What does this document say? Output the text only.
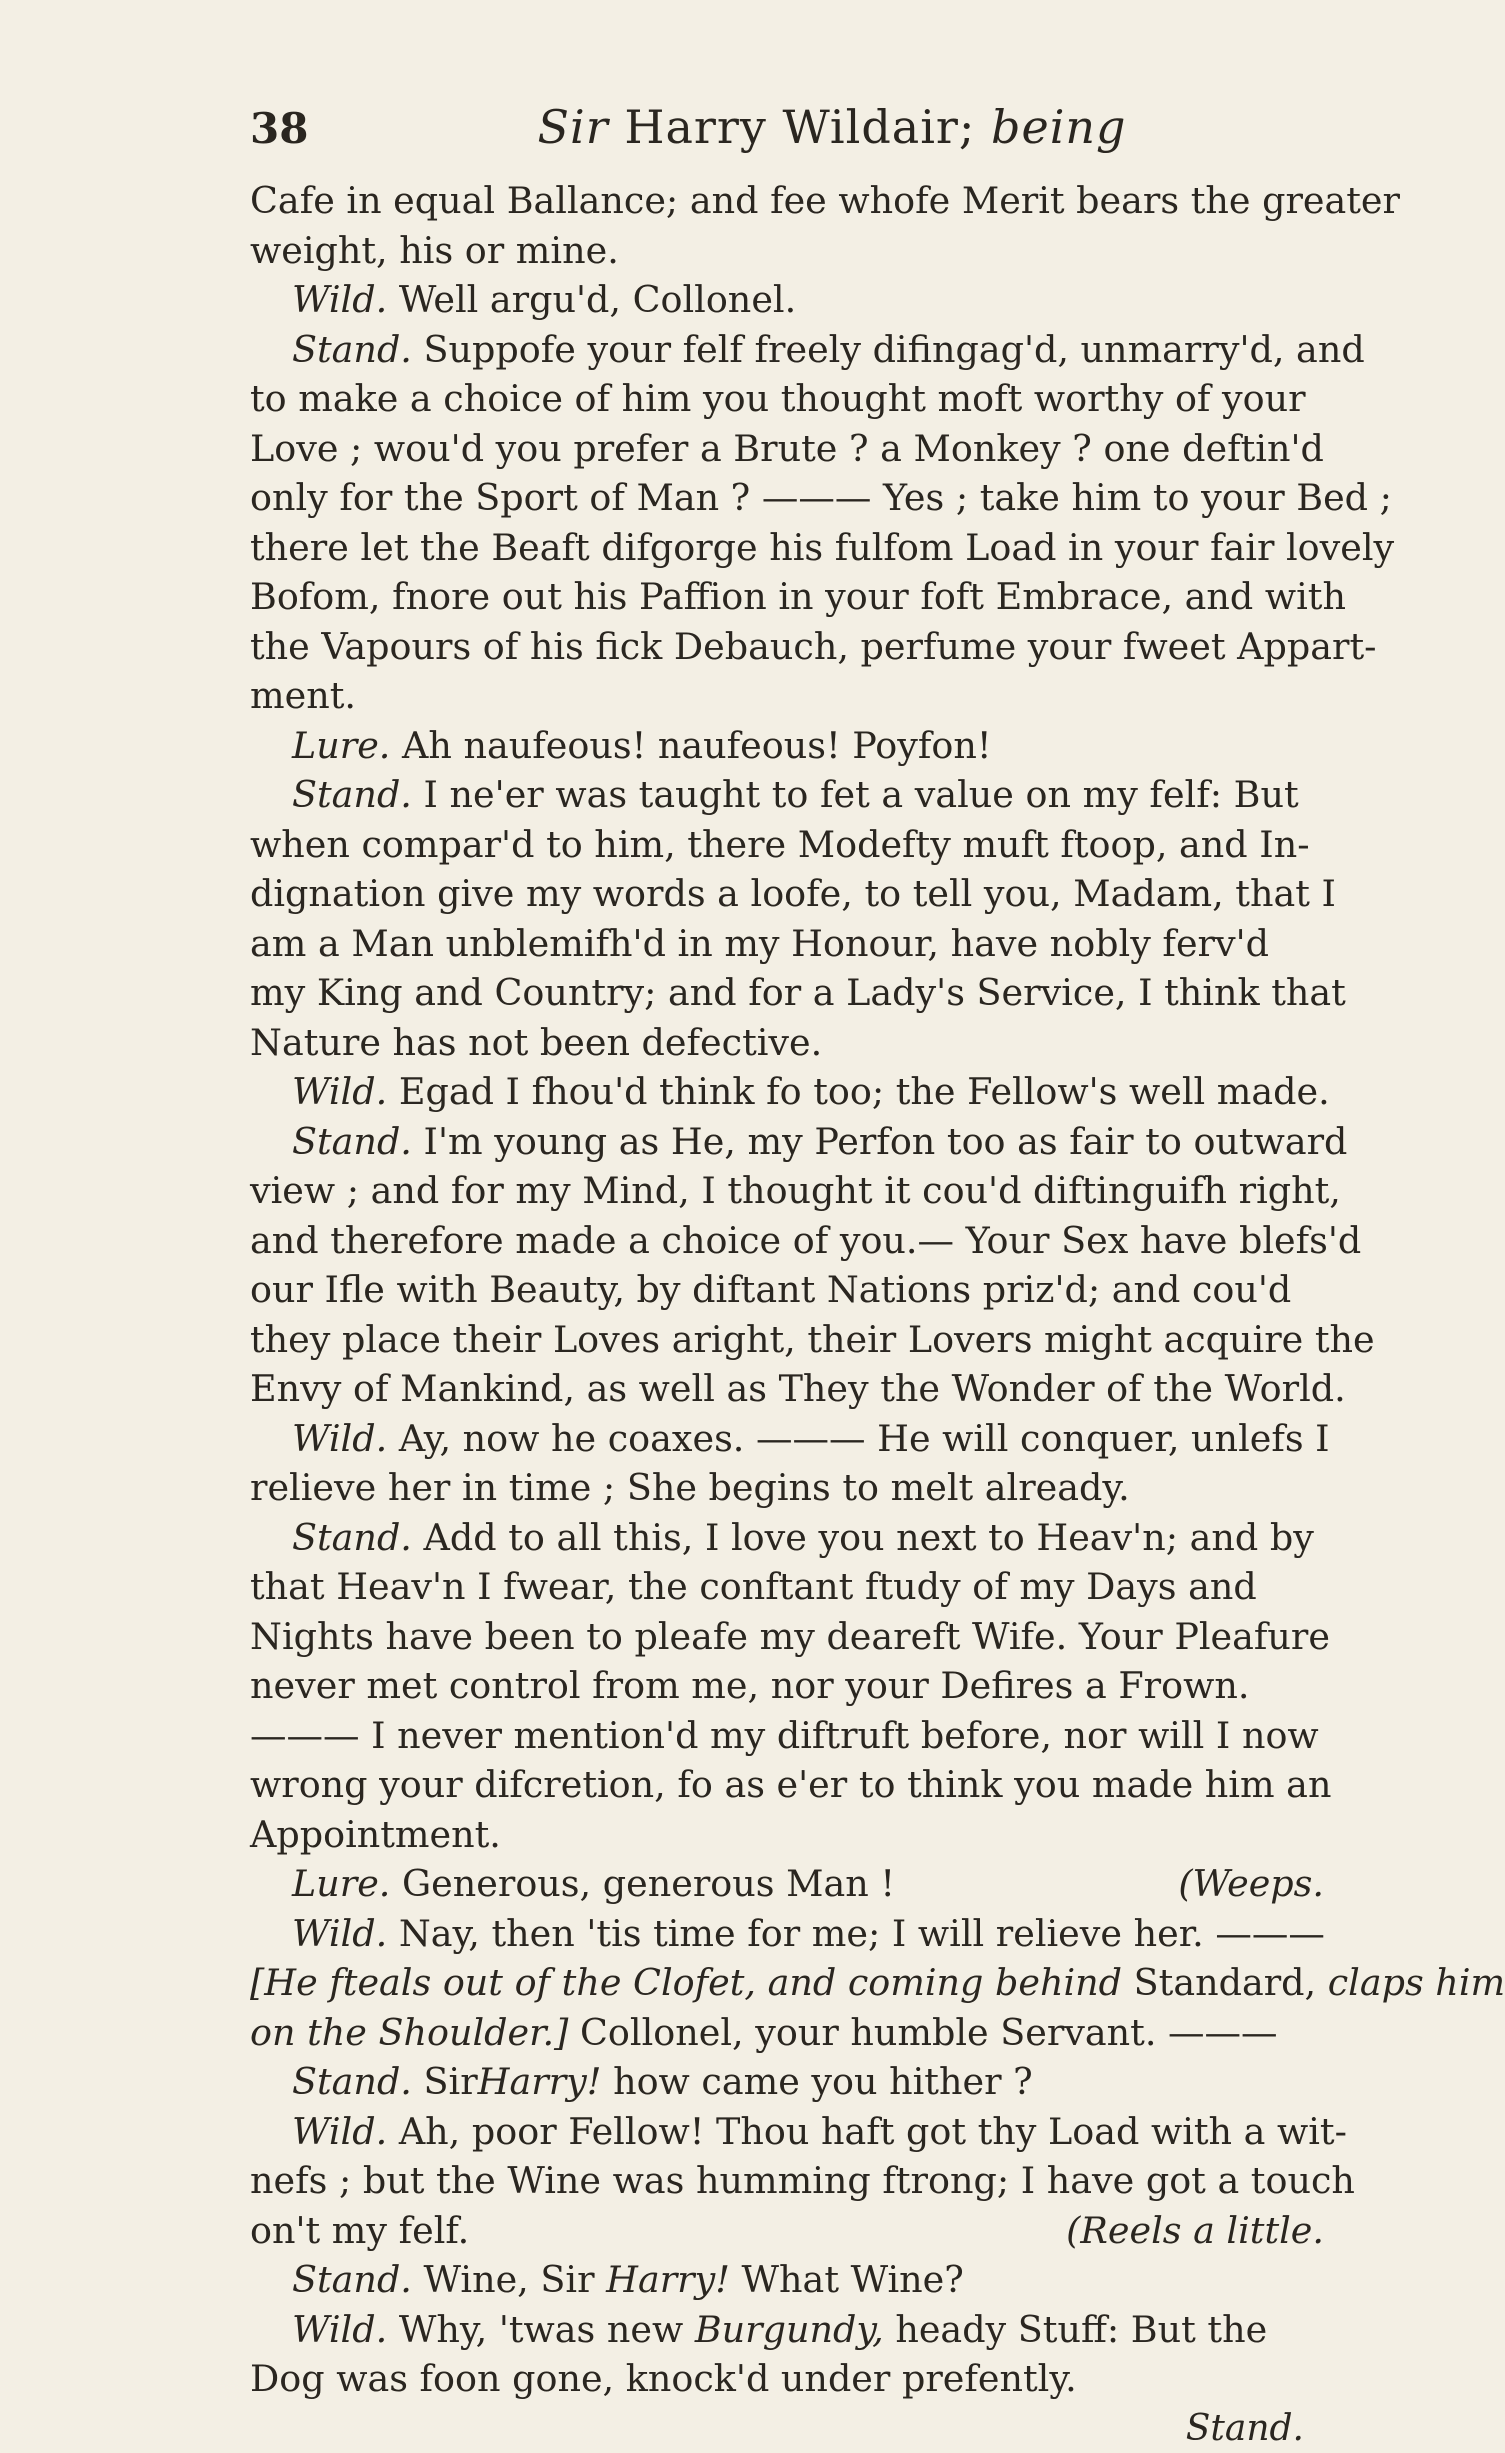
38	Sir Harry Wildair; being
Cafe in equal Ballance; and fee whofe Merit bears the greater
weight, his or mine.
Wild. Well argu'd, Collonel.
Stand. Suppofe your felf freely difingag'd, unmarry'd, and
to make a choice of him you thought moft worthy of your
Love ; wou'd you prefer a Brute ? a Monkey ? one deftin'd
only for the Sport of Man ? ——— Yes ; take him to your Bed ;
there let the Beaft difgorge his fulfom Load in your fair lovely
Bofom, fnore out his Paffion in your foft Embrace, and with
the Vapours of his fick Debauch, perfume your fweet Appart-
ment.
Lure. Ah naufeous! naufeous! Poyfon!
Stand. I ne'er was taught to fet a value on my felf: But
when compar'd to him, there Modefty muft ftoop, and In-
dignation give my words a loofe, to tell you, Madam, that I
am a Man unblemifh'd in my Honour, have nobly ferv'd
my King and Country; and for a Lady's Service, I think that
Nature has not been defective.
Wild. Egad I fhou'd think fo too; the Fellow's well made.
Stand. I'm young as He, my Perfon too as fair to outward
view ; and for my Mind, I thought it cou'd diftinguifh right,
and therefore made a choice of you.— Your Sex have blefs'd
our Ifle with Beauty, by diftant Nations priz'd; and cou'd
they place their Loves aright, their Lovers might acquire the
Envy of Mankind, as well as They the Wonder of the World.
Wild. Ay, now he coaxes. ——— He will conquer, unlefs I
relieve her in time ; She begins to melt already.
Stand. Add to all this, I love you next to Heav'n; and by
that Heav'n I fwear, the conftant ftudy of my Days and
Nights have been to pleafe my deareft Wife. Your Pleafure
never met control from me, nor your Defires a Frown.
——— I never mention'd my diftruft before, nor will I now
wrong your difcretion, fo as e'er to think you made him an
Appointment.
Lure. Generous, generous Man !	(Weeps.
Wild. Nay, then 'tis time for me; I will relieve her. ———
[He fteals out of the Clofet, and coming behind Standard, claps him
on the Shoulder.] Collonel, your humble Servant. ———
Stand. SirHarry! how came you hither ?
Wild. Ah, poor Fellow! Thou haft got thy Load with a wit-
nefs ; but the Wine was humming ftrong; I have got a touch
on't my felf.	(Reels a little.
Stand. Wine, Sir Harry! What Wine?
Wild. Why, 'twas new Burgundy, heady Stuff: But the
Dog was foon gone, knock'd under prefently.
Stand.
